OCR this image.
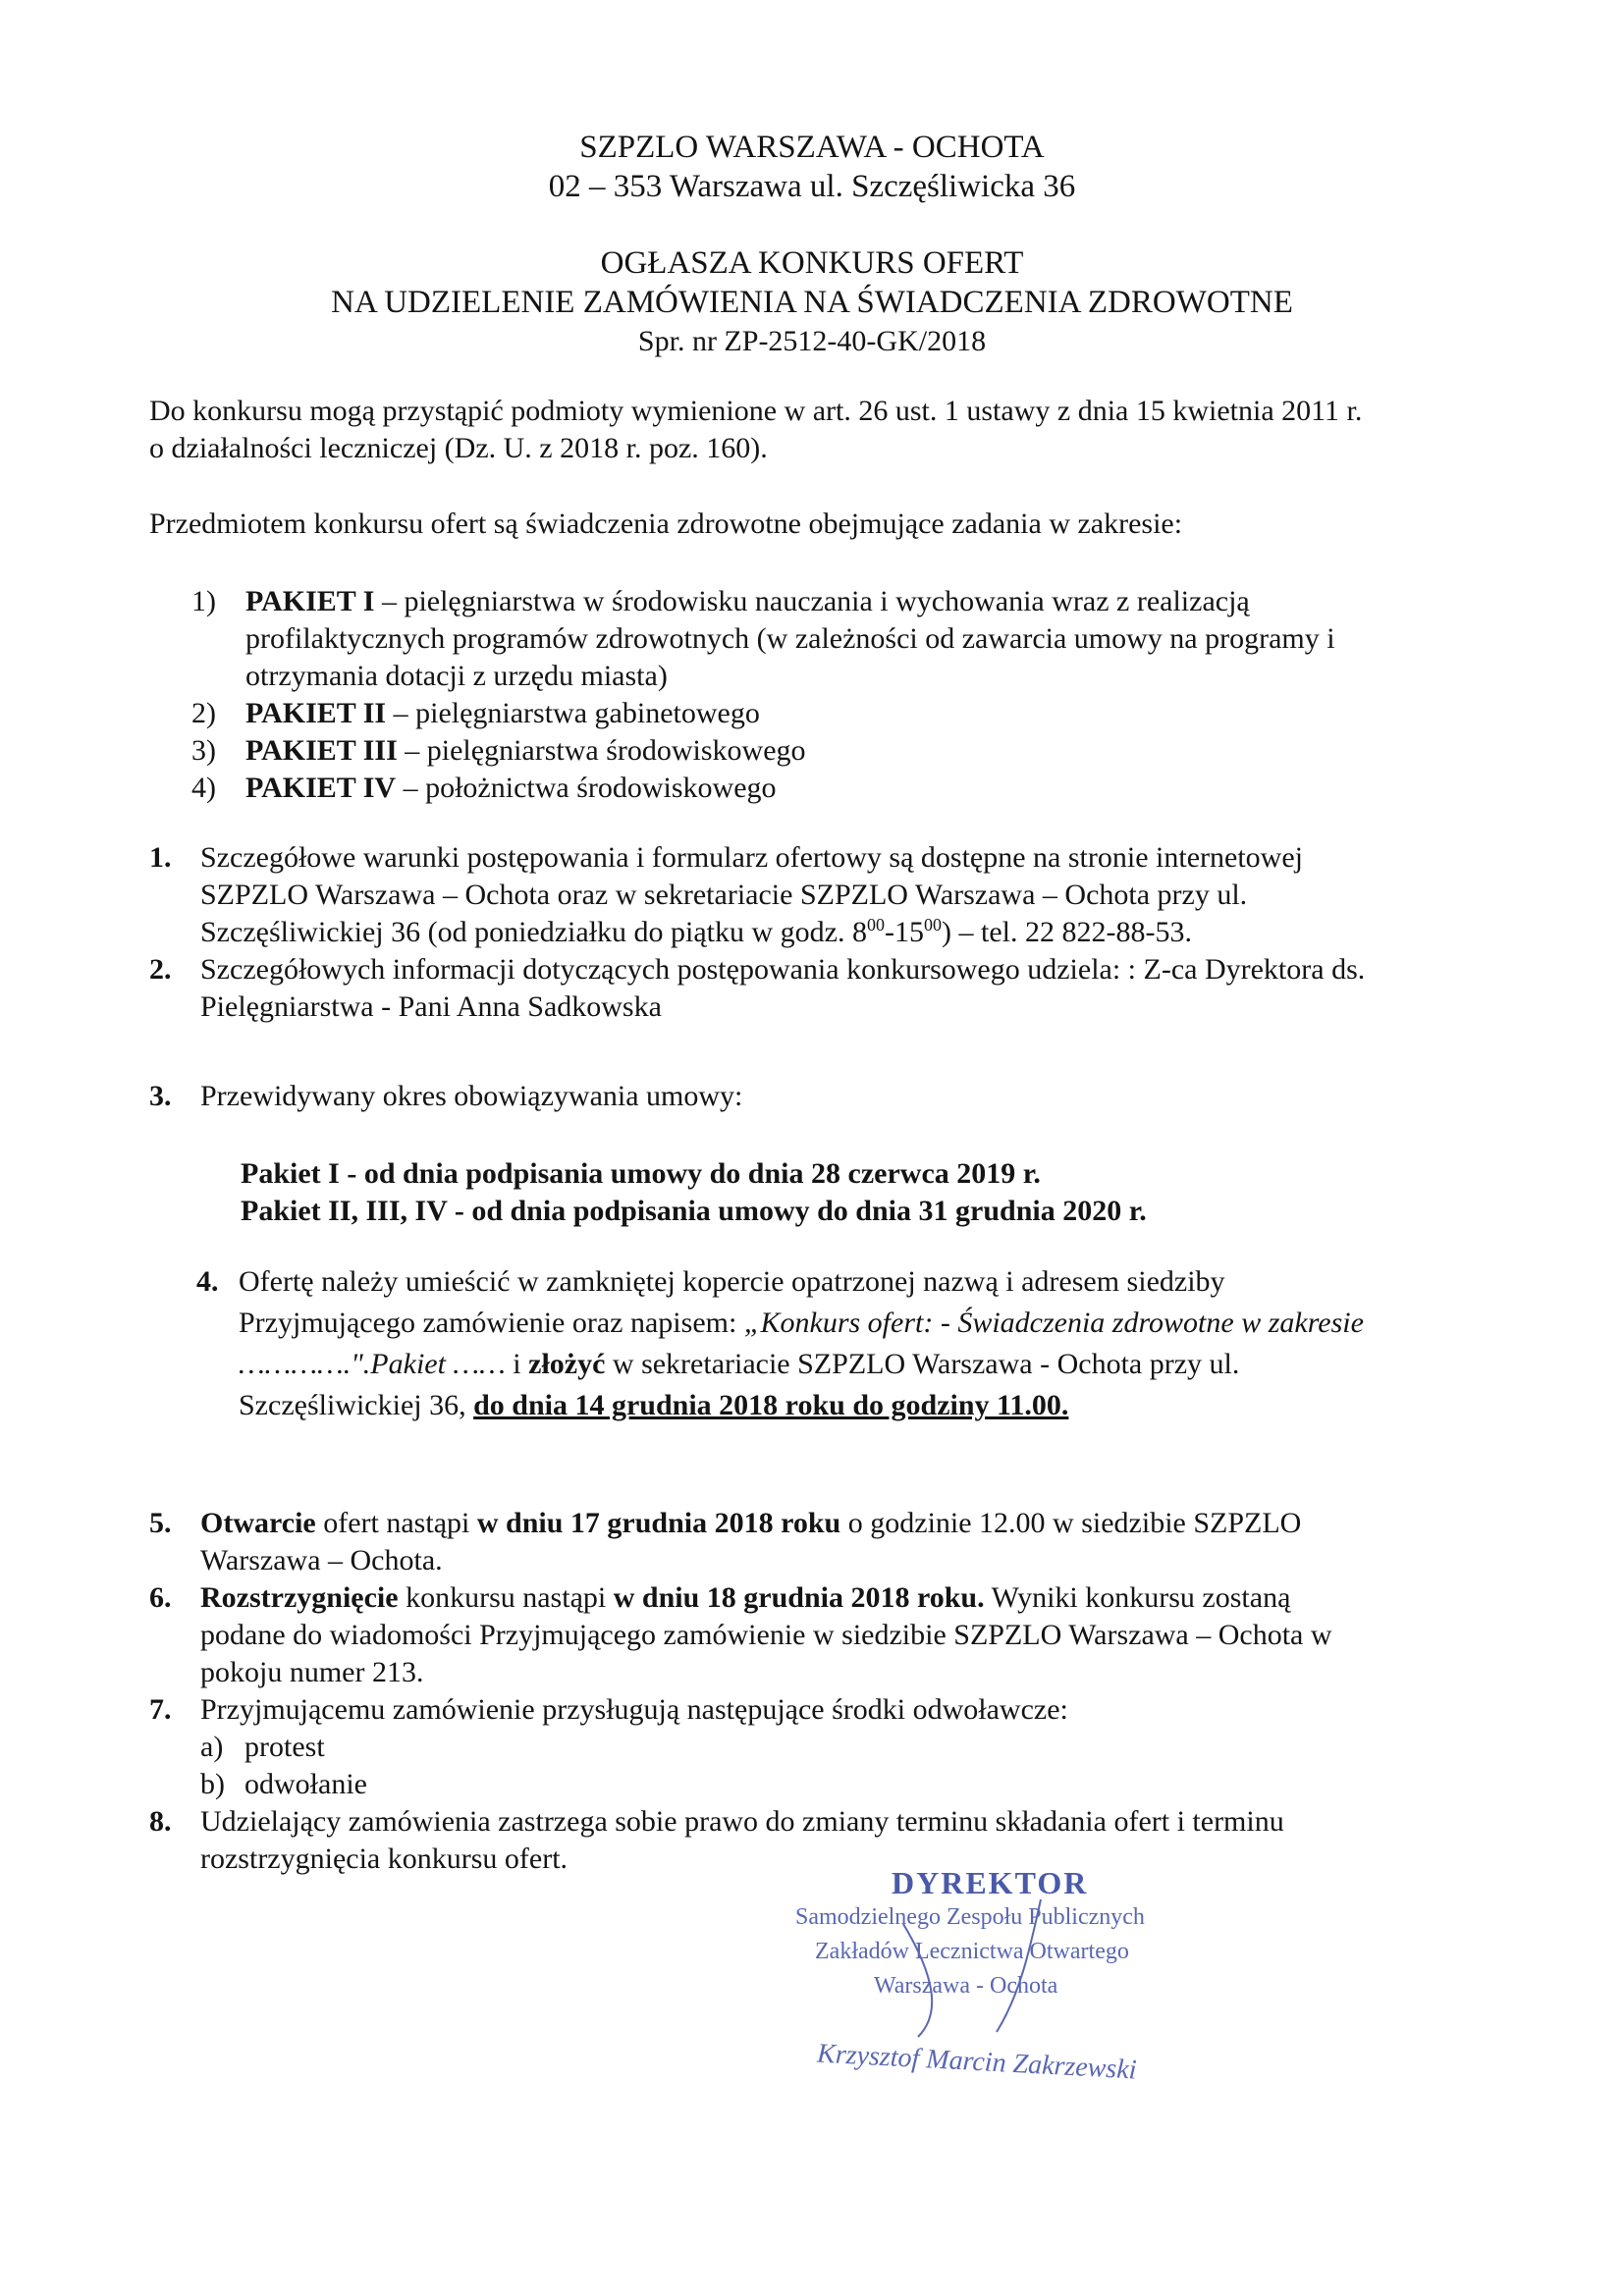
SZPZLO WARSZAWA - OCHOTA

02 – 353 Warszawa ul. Szczęśliwicka 36

OGŁASZA KONKURS OFERT

NA UDZIELENIE ZAMÓWIENIA NA ŚWIADCZENIA ZDROWOTNE

Spr. nr ZP-2512-40-GK/2018

Do konkursu mogą przystąpić podmioty wymienione w art. 26 ust. 1 ustawy z dnia 15 kwietnia 2011 r.
o działalności leczniczej (Dz. U. z 2018 r. poz. 160).
Przedmiotem konkursu ofert są świadczenia zdrowotne obejmujące zadania w zakresie:
1)	PAKIET I – pielęgniarstwa w środowisku nauczania i wychowania wraz z realizacją
profilaktycznych programów zdrowotnych (w zależności od zawarcia umowy na programy i
otrzymania dotacji z urzędu miasta)
2)	PAKIET II – pielęgniarstwa gabinetowego
3)	PAKIET III – pielęgniarstwa środowiskowego
4)	PAKIET IV – położnictwa środowiskowego
1. Szczegółowe warunki postępowania i formularz ofertowy są dostępne na stronie internetowej
SZPZLO Warszawa – Ochota oraz w sekretariacie SZPZLO Warszawa – Ochota przy ul.
Szczęśliwickiej 36 (od poniedziałku do piątku w godz. $8^{00}-15^{00}$) – tel. 22 822-88-53.
2. Szczegółowych informacji dotyczących postępowania konkursowego udziela: : Z-ca Dyrektora ds.
Pielęgniarstwa - Pani Anna Sadkowska
3. Przewidywany okres obowiązywania umowy:
Pakiet I - od dnia podpisania umowy do dnia 28 czerwca 2019 r.
Pakiet II, III, IV - od dnia podpisania umowy do dnia 31 grudnia 2020 r.
4. Ofertę należy umieścić w zamkniętej kopercie opatrzonej nazwą i adresem siedziby
Przyjmującego zamówienie oraz napisem: „Konkurs ofert: - Świadczenia zdrowotne w zakresie
………….".Pakiet …… i złożyć w sekretariacie SZPZLO Warszawa - Ochota przy ul.
Szczęśliwickiej 36, do dnia 14 grudnia 2018 roku do godziny 11.00.
5. Otwarcie ofert nastąpi w dniu 17 grudnia 2018 roku o godzinie 12.00 w siedzibie SZPZLO
Warszawa – Ochota.
6. Rozstrzygnięcie konkursu nastąpi w dniu 18 grudnia 2018 roku. Wyniki konkursu zostaną
podane do wiadomości Przyjmującego zamówienie w siedzibie SZPZLO Warszawa – Ochota w
pokoju numer 213.
7. Przyjmującemu zamówienie przysługują następujące środki odwoławcze:
a) protest
b) odwołanie
8. Udzielający zamówienia zastrzega sobie prawo do zmiany terminu składania ofert i terminu
rozstrzygnięcia konkursu ofert.
DYREKTOR
Samodzielnego Zespołu Publicznych
Zakładów Lecznictwa Otwartego
Warszawa - Ochota
Krzysztof Marcin Zakrzewski
